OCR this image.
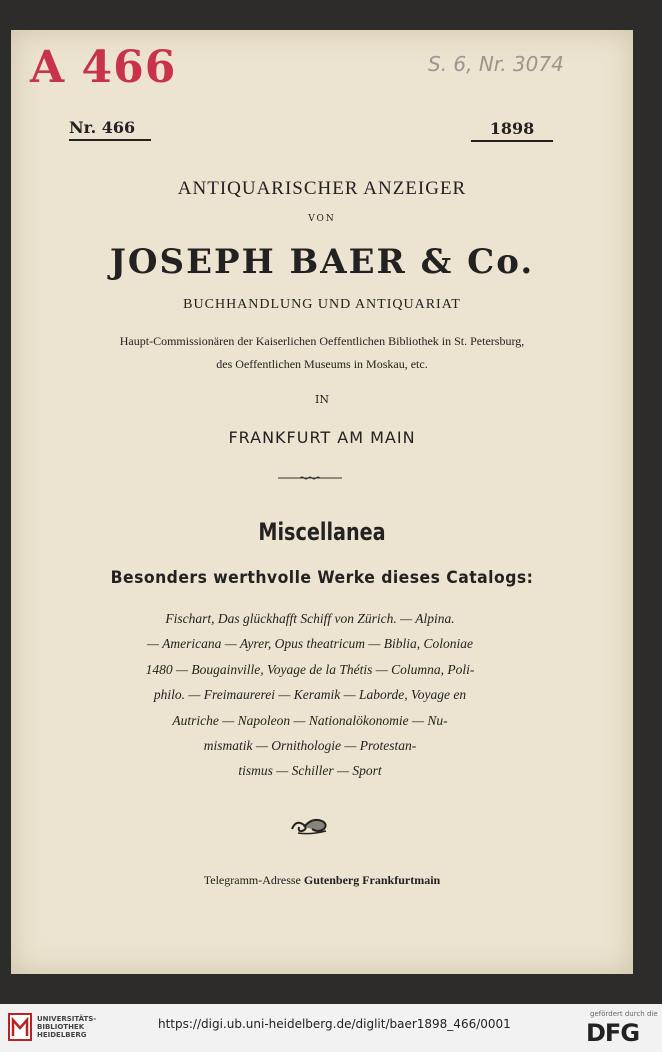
A 466	S. 6, Nr. 3074
Nr. 466	1898
ANTIQUARISCHER ANZEIGER
VON
JOSEPH BAER & Co.
BUCHHANDLUNG UND ANTIQUARIAT
Haupt-Commissionären der Kaiserlichen Oeffentlichen Bibliothek in St. Petersburg,
des Oeffentlichen Museums in Moskau, etc.
IN
FRANKFURT AM MAIN
Miscellanea
Besonders werthvolle Werke dieses Catalogs:
Fischart, Das glückhafft Schiff von Zürich. — Alpina.
— Americana — Ayrer, Opus theatricum — Biblia, Coloniae
1480 — Bougainville, Voyage de la Thétis — Columna, Poli-
philo. — Freimaurerei — Keramik — Laborde, Voyage en
Autriche — Napoleon — Nationalökonomie — Nu-
mismatik — Ornithologie — Protestan-
tismus — Schiller — Sport
Telegramm-Adresse Gutenberg Frankfurtmain
UNIVERSITÄTS-
BIBLIOTHEK
HEIDELBERG
https://digi.ub.uni-heidelberg.de/diglit/baer1898_466/0001
gefördert durch die
DFG
